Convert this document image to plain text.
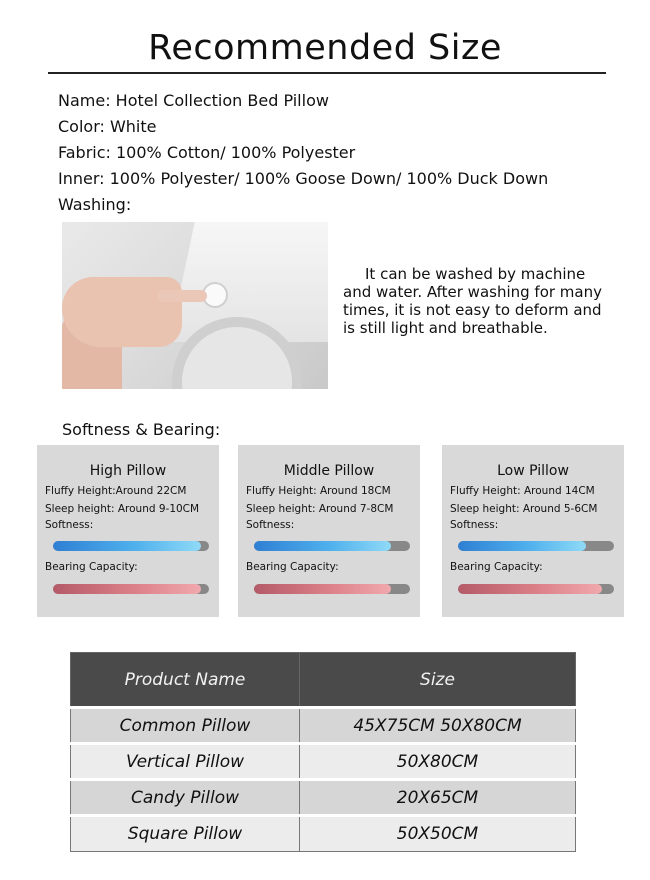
Recommended Size
Name: Hotel Collection Bed Pillow
Color: White
Fabric: 100% Cotton/ 100% Polyester
Inner: 100% Polyester/ 100% Goose Down/ 100% Duck Down
Washing:
It can be washed by machine
and water. After washing for many
times, it is not easy to deform and
is still light and breathable.
Softness & Bearing:
High Pillow
Fluffy Height:Around 22CM
Sleep height: Around 9-10CM
Softness:
Bearing Capacity:
Middle Pillow
Fluffy Height: Around 18CM
Sleep height: Around 7-8CM
Softness:
Bearing Capacity:
Low Pillow
Fluffy Height: Around 14CM
Sleep height: Around 5-6CM
Softness:
Bearing Capacity:
Product Name	Size
Common Pillow	45X75CM 50X80CM
Vertical Pillow	50X80CM
Candy Pillow	20X65CM
Square Pillow	50X50CM
